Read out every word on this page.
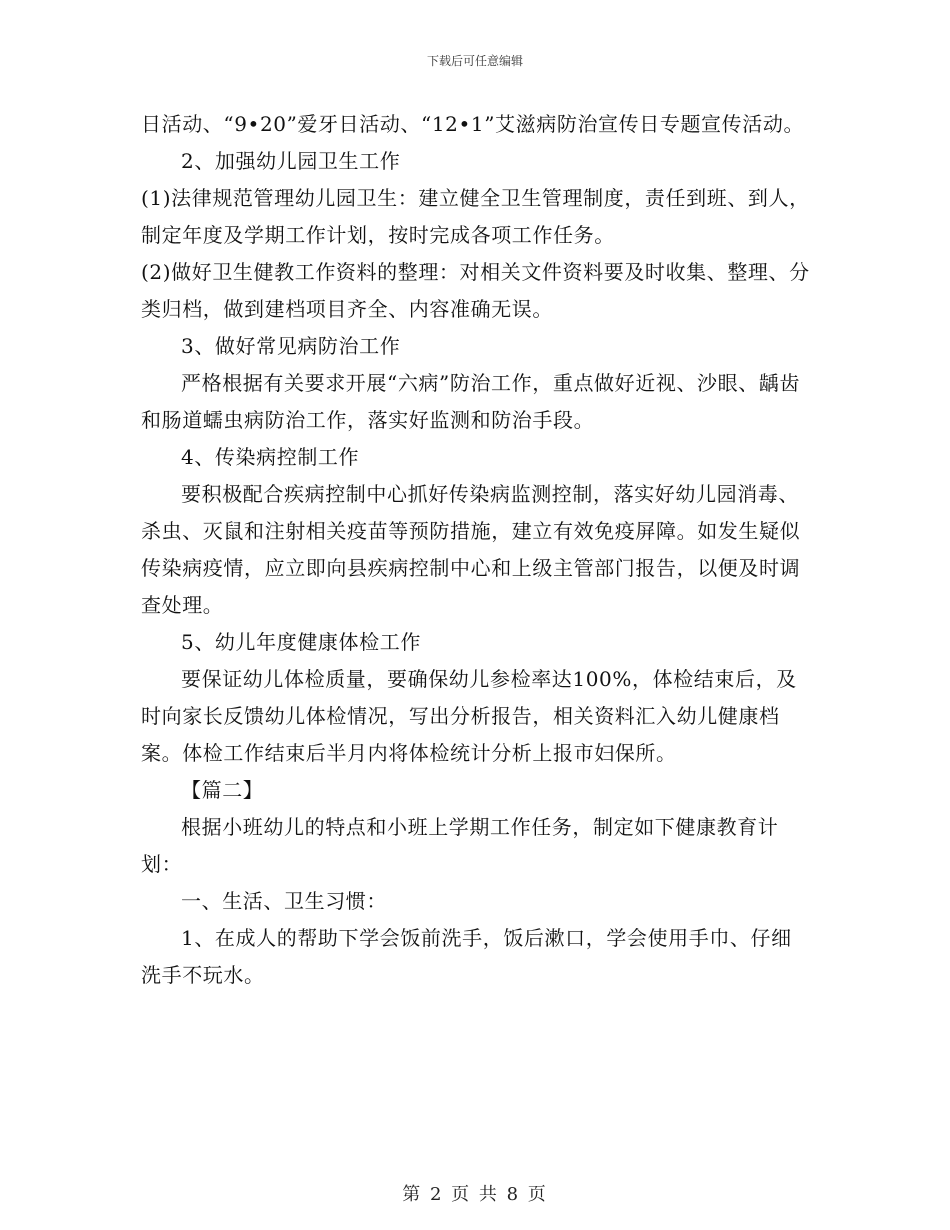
下载后可任意编辑

日活动、“9•20”爱牙日活动、“12•1”艾滋病防治宣传日专题宣传活动。

2、加强幼儿园卫生工作

(1)法律规范管理幼儿园卫生：建立健全卫生管理制度，责任到班、到人，制定年度及学期工作计划，按时完成各项工作任务。

(2)做好卫生健教工作资料的整理：对相关文件资料要及时收集、整理、分类归档，做到建档项目齐全、内容准确无误。

3、做好常见病防治工作

严格根据有关要求开展“六病”防治工作，重点做好近视、沙眼、龋齿和肠道蠕虫病防治工作，落实好监测和防治手段。

4、传染病控制工作

要积极配合疾病控制中心抓好传染病监测控制，落实好幼儿园消毒、杀虫、灭鼠和注射相关疫苗等预防措施，建立有效免疫屏障。如发生疑似传染病疫情，应立即向县疾病控制中心和上级主管部门报告，以便及时调查处理。

5、幼儿年度健康体检工作

要保证幼儿体检质量，要确保幼儿参检率达100%，体检结束后，及时向家长反馈幼儿体检情况，写出分析报告，相关资料汇入幼儿健康档案。体检工作结束后半月内将体检统计分析上报市妇保所。

【篇二】

根据小班幼儿的特点和小班上学期工作任务，制定如下健康教育计划：

一、生活、卫生习惯：

1、在成人的帮助下学会饭前洗手，饭后漱口，学会使用手巾、仔细洗手不玩水。

第 2 页 共 8 页
